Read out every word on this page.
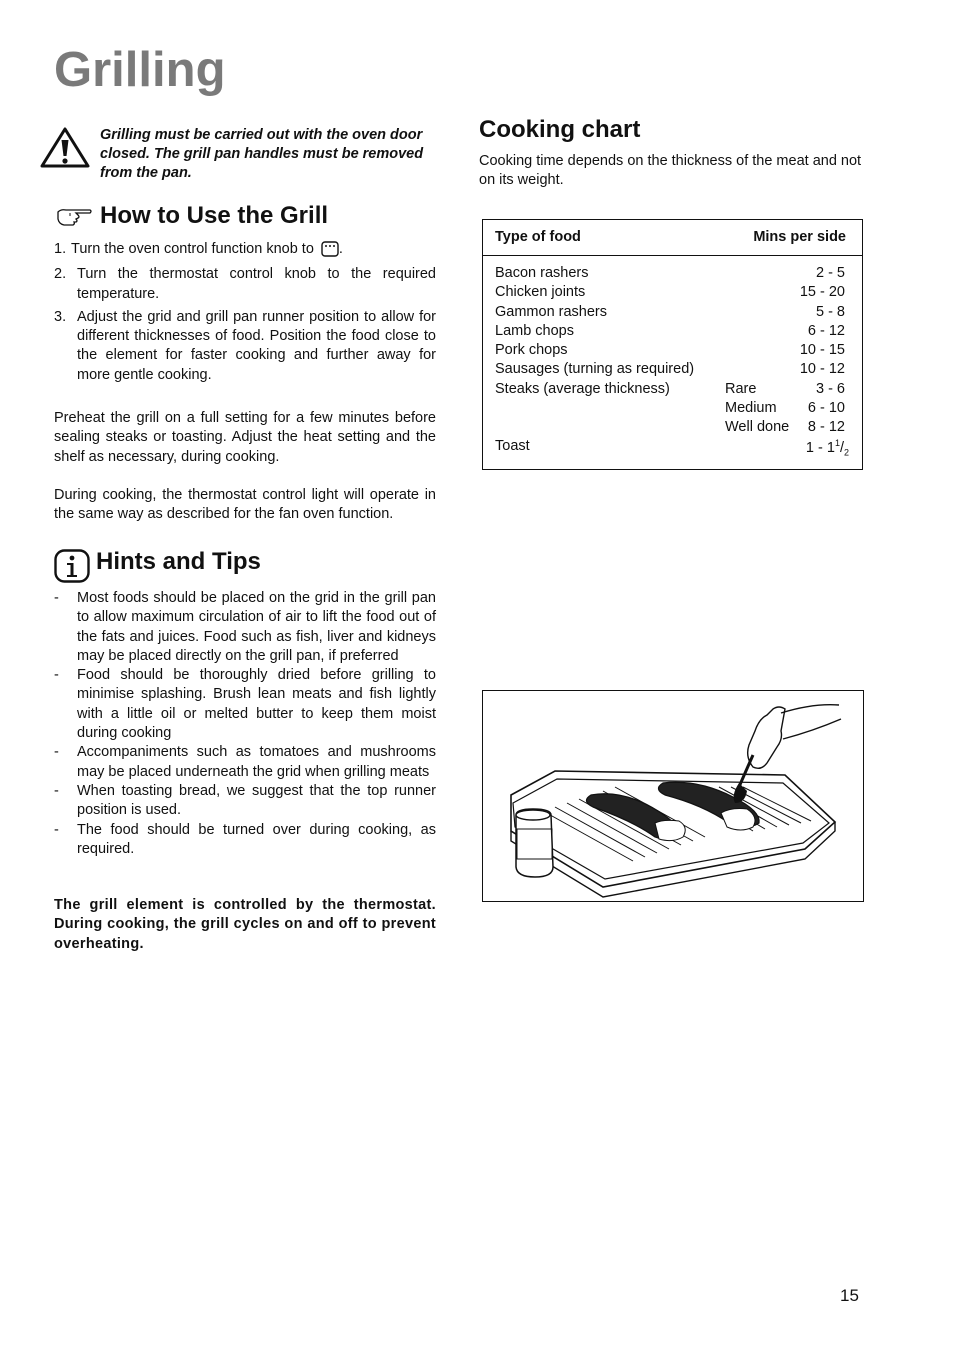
Grilling
Grilling must be carried out with the oven door closed. The grill pan handles must be removed from the pan.
How to Use the Grill
1. Turn the oven control function knob to .
2. Turn the thermostat control knob to the required temperature.
3. Adjust the grid and grill pan runner position to allow for different thicknesses of food. Position the food close to the element for faster cooking and further away for more gentle cooking.
Preheat the grill on a full setting for a few minutes before sealing steaks or toasting. Adjust the heat setting and the shelf as necessary, during cooking.
During cooking, the thermostat control light will operate in the same way as described for the fan oven function.
Hints and Tips
- Most foods should be placed on the grid in the grill pan to allow maximum circulation of air to lift the food out of the fats and juices. Food such as fish, liver and kidneys may be placed directly on the grill pan, if preferred
- Food should be thoroughly dried before grilling to minimise splashing. Brush lean meats and fish lightly with a little oil or melted butter to keep them moist during cooking
- Accompaniments such as tomatoes and mushrooms may be placed underneath the grid when grilling meats
- When toasting bread, we suggest that the top runner position is used.
- The food should be turned over during cooking, as required.
The grill element is controlled by the thermostat. During cooking, the grill cycles on and off to prevent overheating.
Cooking chart
Cooking time depends on the thickness of the meat and not on its weight.
Type of food	Mins per side
Bacon rashers	2 - 5
Chicken joints	15 - 20
Gammon rashers	5 - 8
Lamb chops	6 - 12
Pork chops	10 - 15
Sausages (turning as required)	10 - 12
Steaks (average thickness)	Rare	3 - 6
Medium 6 - 10
Well done 8 - 12
Toast	$1 - 1^1/_2$
15
